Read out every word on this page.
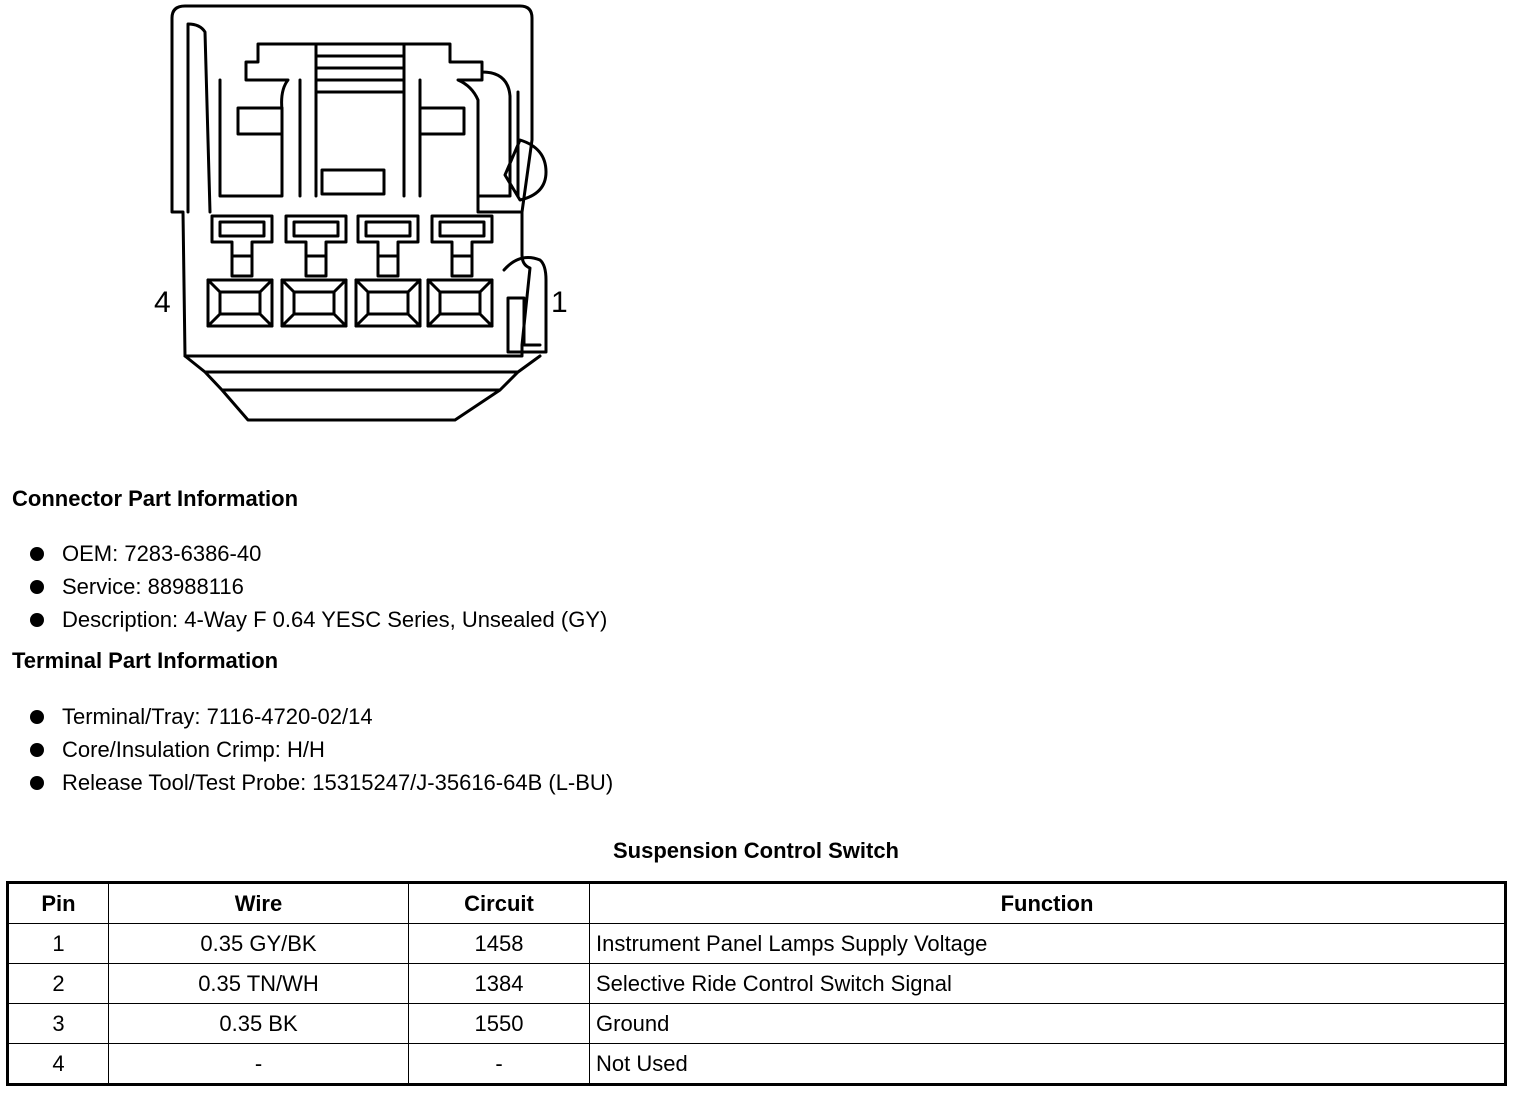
4	1
Connector Part Information
OEM: 7283-6386-40
Service: 88988116
Description: 4-Way F 0.64 YESC Series, Unsealed (GY)
Terminal Part Information
Terminal/Tray: 7116-4720-02/14
Core/Insulation Crimp: H/H
Release Tool/Test Probe: 15315247/J-35616-64B (L-BU)
Suspension Control Switch
Pin	Wire	Circuit	Function
1	0.35 GY/BK	1458	Instrument Panel Lamps Supply Voltage
2	0.35 TN/WH	1384	Selective Ride Control Switch Signal
3	0.35 BK	1550	Ground
4	-	-	Not Used
